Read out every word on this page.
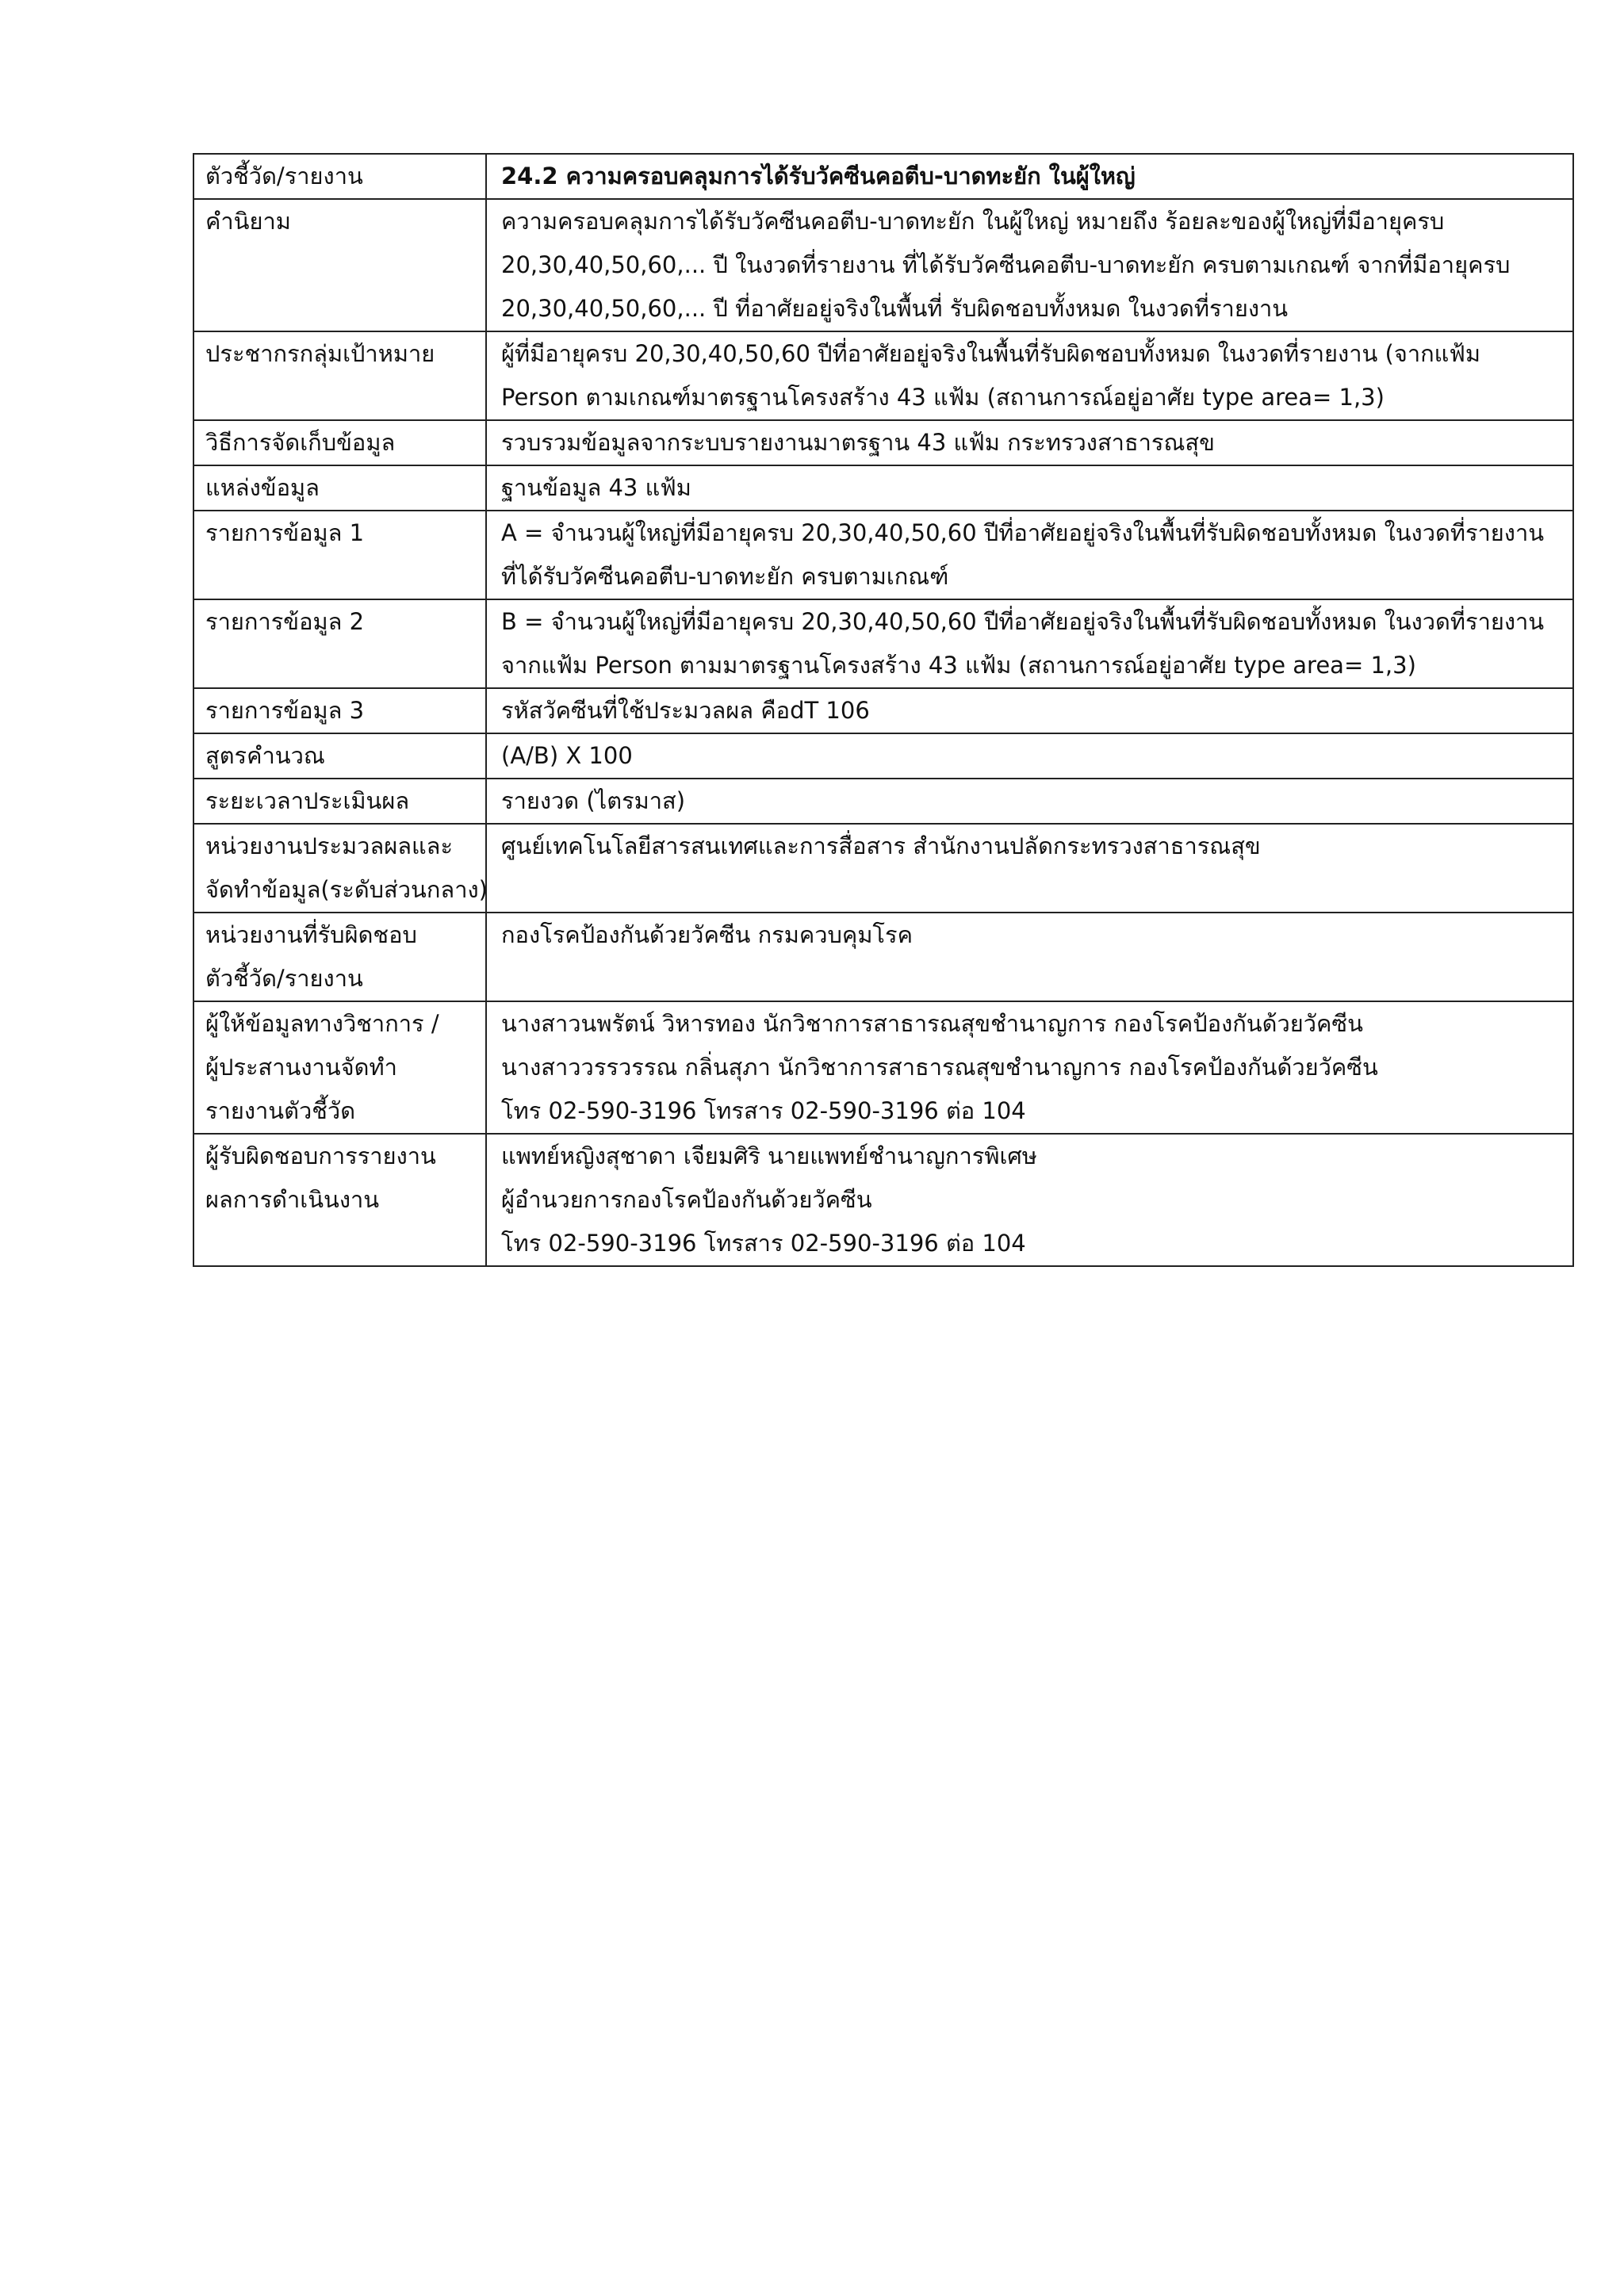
ตัวชี้วัด/รายงาน	24.2 ความครอบคลุมการได้รับวัคซีนคอตีบ-บาดทะยัก ในผู้ใหญ่

คำนิยาม	ความครอบคลุมการได้รับวัคซีนคอตีบ-บาดทะยัก ในผู้ใหญ่ หมายถึง ร้อยละของผู้ใหญ่ที่มีอายุครบ
20,30,40,50,60,... ปี ในงวดที่รายงาน ที่ได้รับวัคซีนคอตีบ-บาดทะยัก ครบตามเกณฑ์ จากที่มีอายุครบ
20,30,40,50,60,... ปี ที่อาศัยอยู่จริงในพื้นที่ รับผิดชอบทั้งหมด ในงวดที่รายงาน

ประชากรกลุ่มเป้าหมาย	ผู้ที่มีอายุครบ 20,30,40,50,60 ปีที่อาศัยอยู่จริงในพื้นที่รับผิดชอบทั้งหมด ในงวดที่รายงาน (จากแฟ้ม
Person ตามเกณฑ์มาตรฐานโครงสร้าง 43 แฟ้ม (สถานการณ์อยู่อาศัย type area= 1,3)

วิธีการจัดเก็บข้อมูล	รวบรวมข้อมูลจากระบบรายงานมาตรฐาน 43 แฟ้ม กระทรวงสาธารณสุข

แหล่งข้อมูล	ฐานข้อมูล 43 แฟ้ม

รายการข้อมูล 1	A = จำนวนผู้ใหญ่ที่มีอายุครบ 20,30,40,50,60 ปีที่อาศัยอยู่จริงในพื้นที่รับผิดชอบทั้งหมด ในงวดที่รายงาน
ที่ได้รับวัคซีนคอตีบ-บาดทะยัก ครบตามเกณฑ์

รายการข้อมูล 2	B = จำนวนผู้ใหญ่ที่มีอายุครบ 20,30,40,50,60 ปีที่อาศัยอยู่จริงในพื้นที่รับผิดชอบทั้งหมด ในงวดที่รายงาน
จากแฟ้ม Person ตามมาตรฐานโครงสร้าง 43 แฟ้ม (สถานการณ์อยู่อาศัย type area= 1,3)

รายการข้อมูล 3	รหัสวัคซีนที่ใช้ประมวลผล คือdT 106

สูตรคำนวณ	(A/B) X 100

ระยะเวลาประเมินผล	รายงวด (ไตรมาส)

หน่วยงานประมวลผลและ
จัดทำข้อมูล(ระดับส่วนกลาง)	ศูนย์เทคโนโลยีสารสนเทศและการสื่อสาร สำนักงานปลัดกระทรวงสาธารณสุข

หน่วยงานที่รับผิดชอบ
ตัวชี้วัด/รายงาน	กองโรคป้องกันด้วยวัคซีน กรมควบคุมโรค

ผู้ให้ข้อมูลทางวิชาการ /
ผู้ประสานงานจัดทำ
รายงานตัวชี้วัด	นางสาวนพรัตน์ วิหารทอง นักวิชาการสาธารณสุขชำนาญการ กองโรคป้องกันด้วยวัคซีน
นางสาววรรวรรณ กลิ่นสุภา นักวิชาการสาธารณสุขชำนาญการ กองโรคป้องกันด้วยวัคซีน
โทร 02-590-3196 โทรสาร 02-590-3196 ต่อ 104

ผู้รับผิดชอบการรายงาน
ผลการดำเนินงาน	แพทย์หญิงสุชาดา เจียมศิริ นายแพทย์ชำนาญการพิเศษ
ผู้อำนวยการกองโรคป้องกันด้วยวัคซีน
โทร 02-590-3196 โทรสาร 02-590-3196 ต่อ 104
